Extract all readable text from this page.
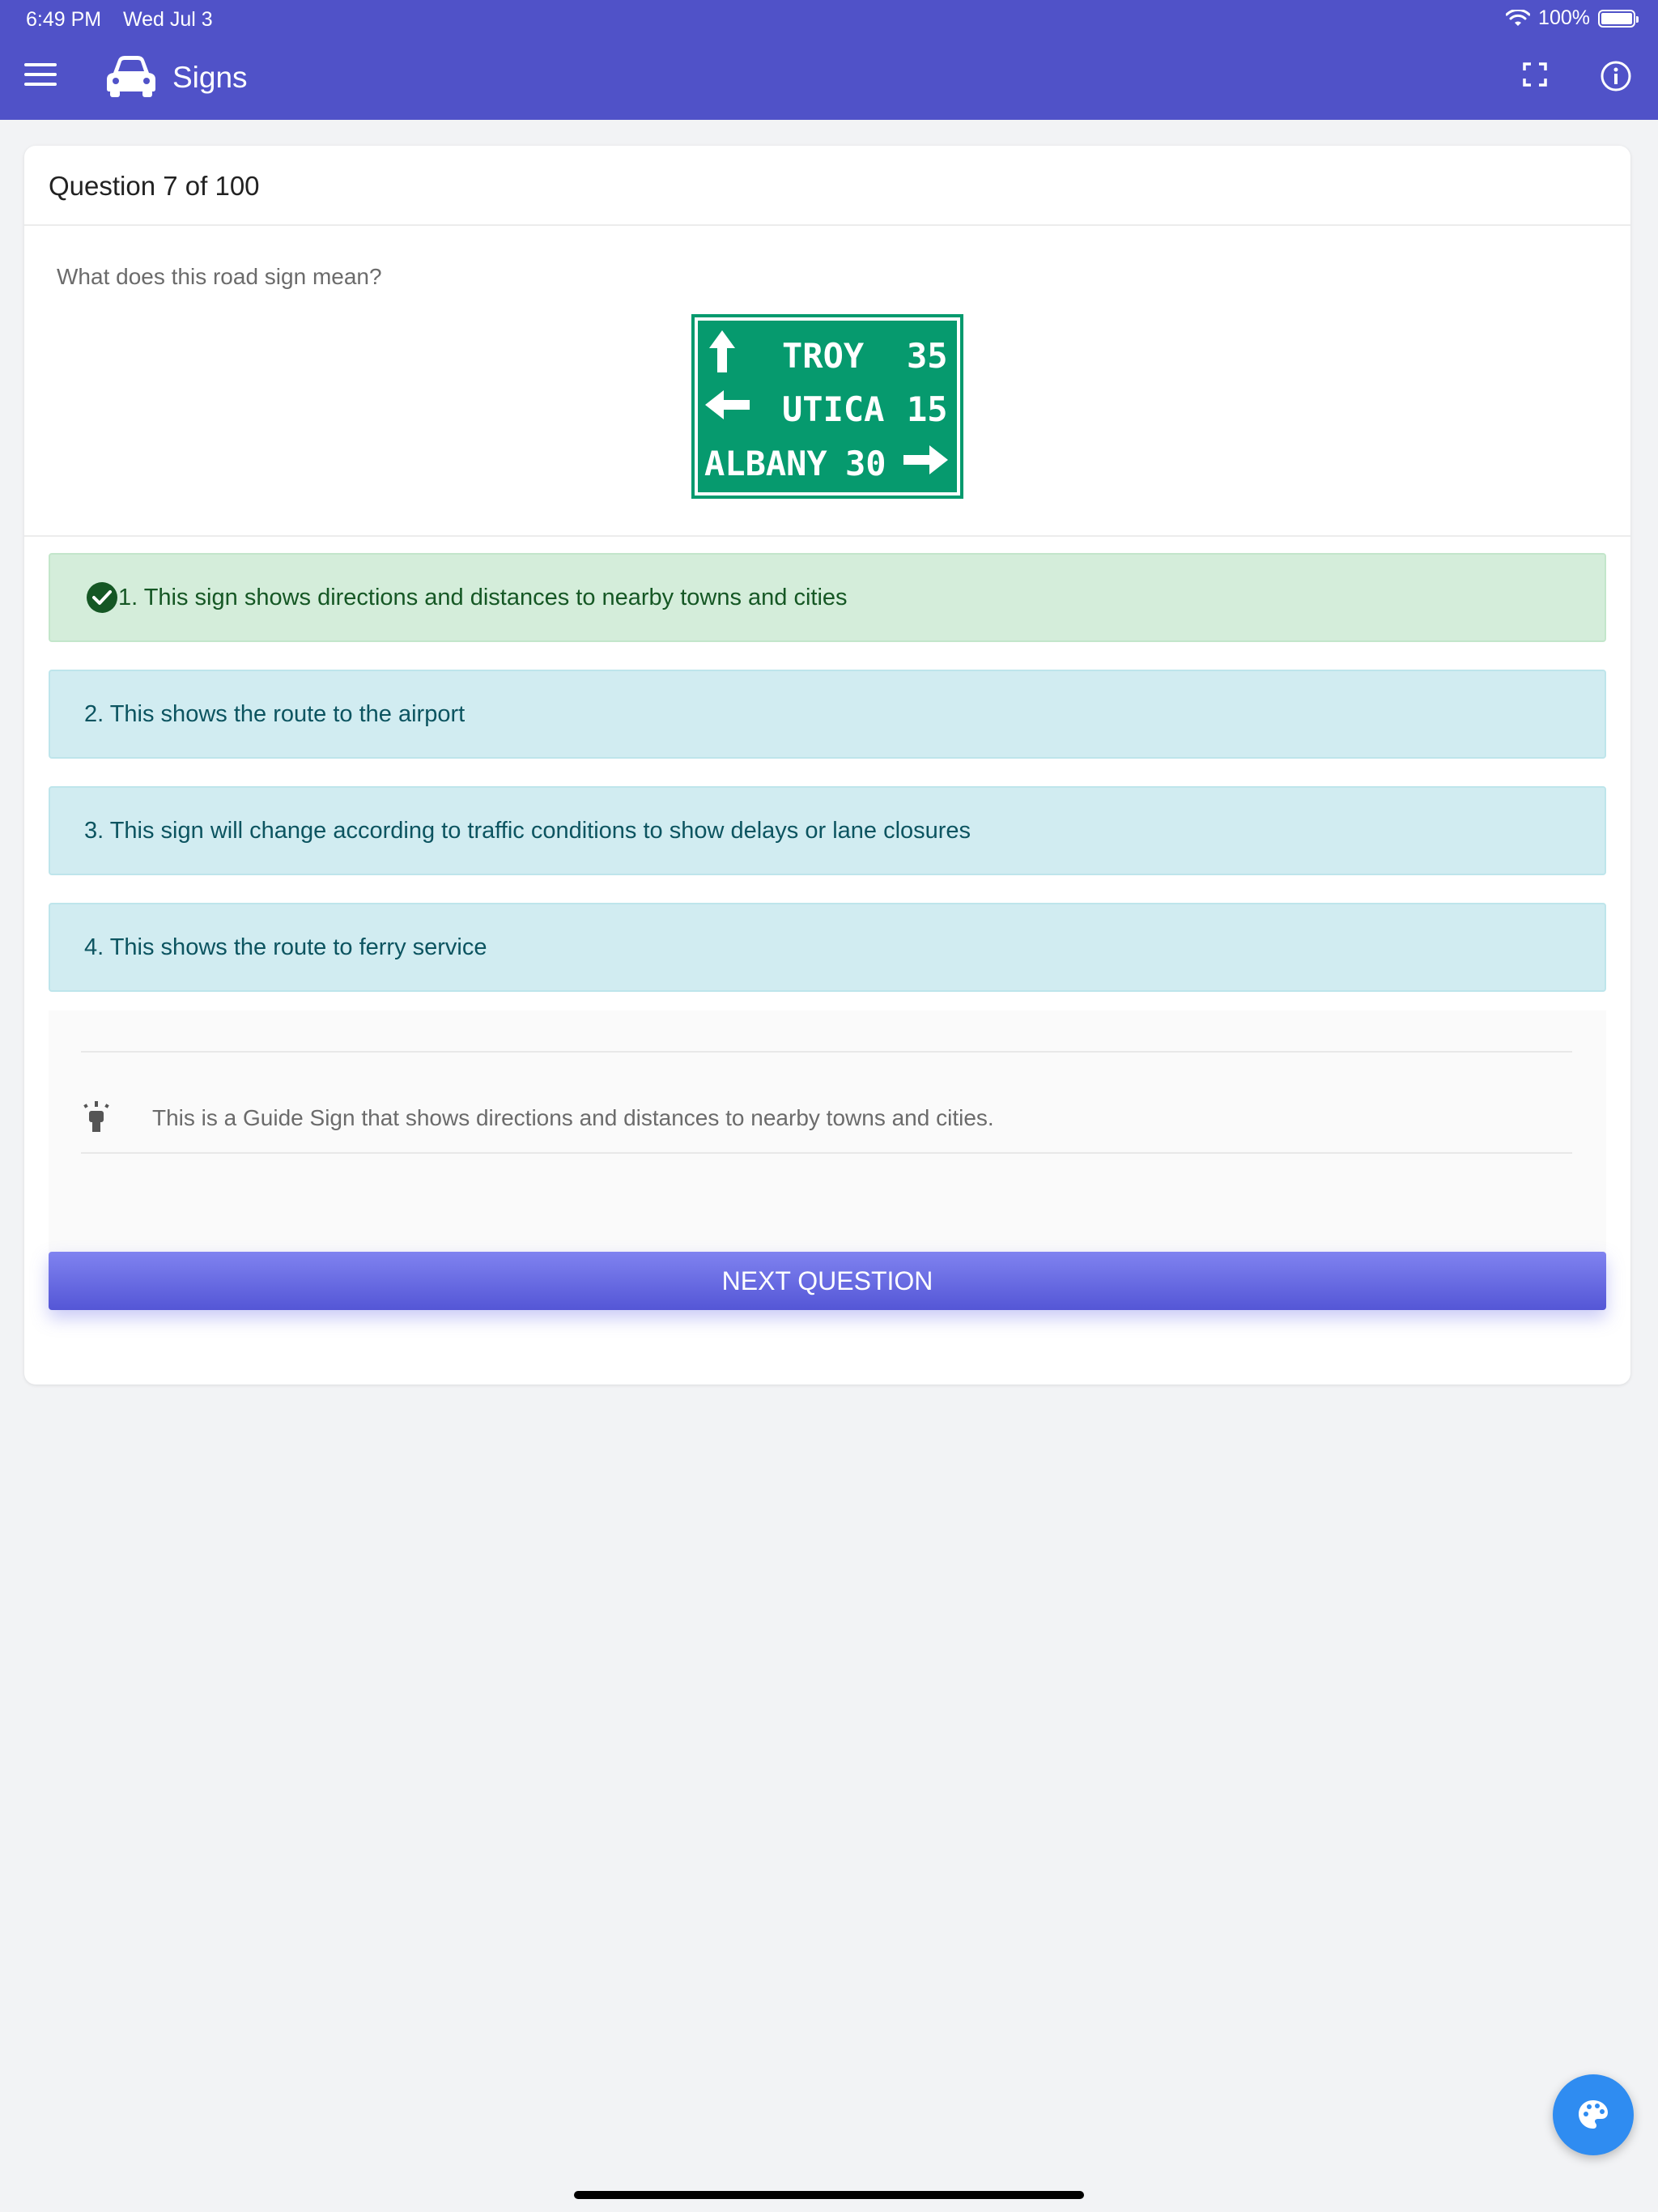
6:49 PM Wed Jul 3	100%
Signs
Question 7 of 100
What does this road sign mean?
TROY 35
UTICA 15
ALBANY 30
1. This sign shows directions and distances to nearby towns and cities
2. This shows the route to the airport
3. This sign will change according to traffic conditions to show delays or lane closures
4. This shows the route to ferry service
This is a Guide Sign that shows directions and distances to nearby towns and cities.
NEXT QUESTION
